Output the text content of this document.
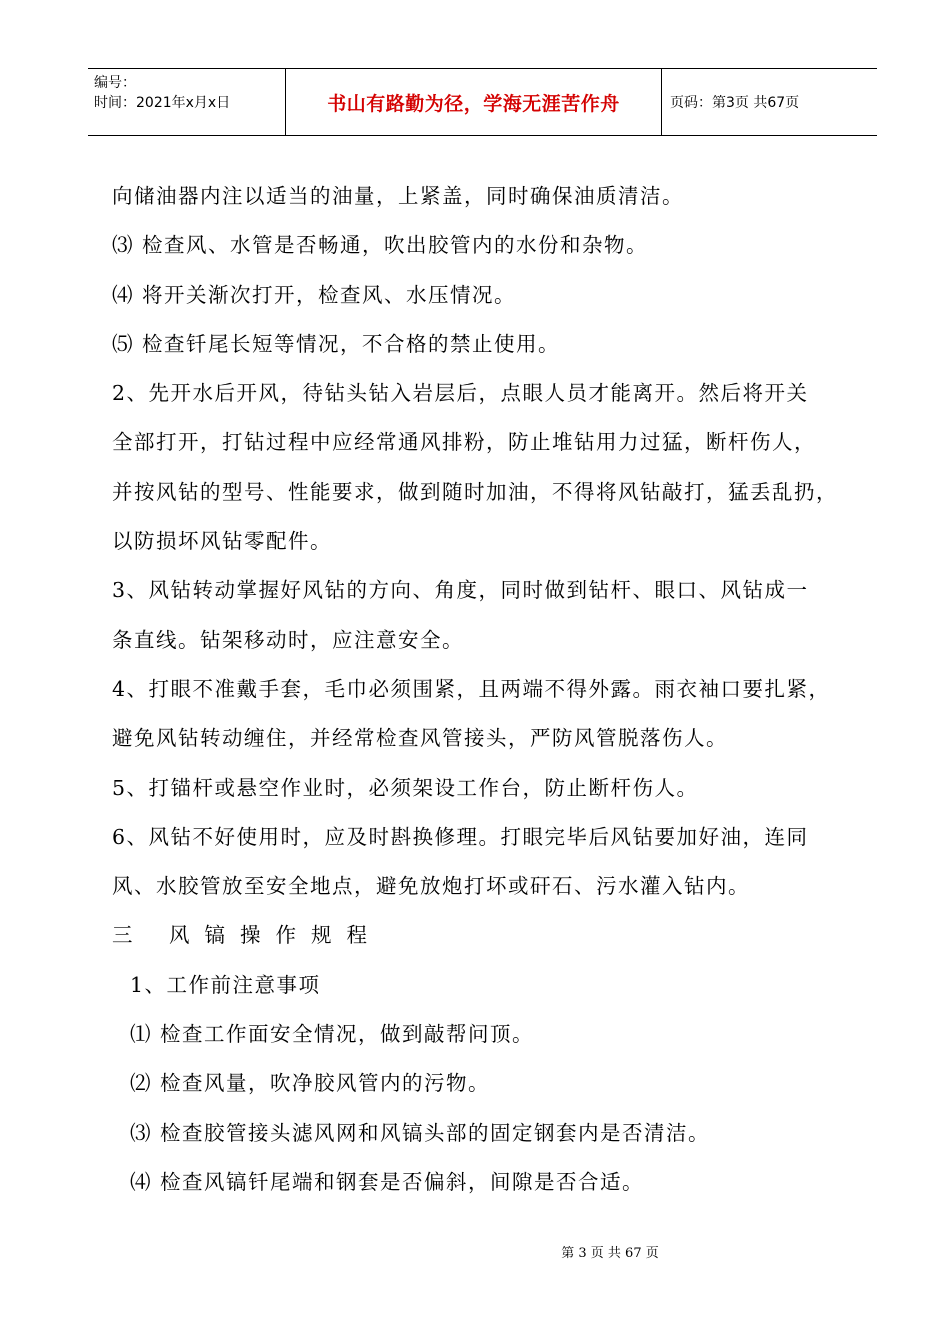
编号：
时间：2021年x月x日	书山有路勤为径，学海无涯苦作舟	页码：第3页 共67页
向储油器内注以适当的油量，上紧盖，同时确保油质清洁。
⑶ 检查风、水管是否畅通，吹出胶管内的水份和杂物。
⑷ 将开关渐次打开，检查风、水压情况。
⑸ 检查钎尾长短等情况，不合格的禁止使用。
2、先开水后开风，待钻头钻入岩层后，点眼人员才能离开。然后将开关
全部打开，打钻过程中应经常通风排粉，防止堆钻用力过猛，断杆伤人，
并按风钻的型号、性能要求，做到随时加油，不得将风钻敲打，猛丢乱扔，
以防损坏风钻零配件。
3、风钻转动掌握好风钻的方向、角度，同时做到钻杆、眼口、风钻成一
条直线。钻架移动时，应注意安全。
4、打眼不准戴手套，毛巾必须围紧，且两端不得外露。雨衣袖口要扎紧，
避免风钻转动缠住，并经常检查风管接头，严防风管脱落伤人。
5、打锚杆或悬空作业时，必须架设工作台，防止断杆伤人。
6、风钻不好使用时，应及时斟换修理。打眼完毕后风钻要加好油，连同
风、水胶管放至安全地点，避免放炮打坏或矸石、污水灌入钻内。
三 风镐操作规程
1、工作前注意事项
⑴ 检查工作面安全情况，做到敲帮问顶。
⑵ 检查风量，吹净胶风管内的污物。
⑶ 检查胶管接头滤风网和风镐头部的固定钢套内是否清洁。
⑷ 检查风镐钎尾端和钢套是否偏斜，间隙是否合适。
第 3 页 共 67 页
